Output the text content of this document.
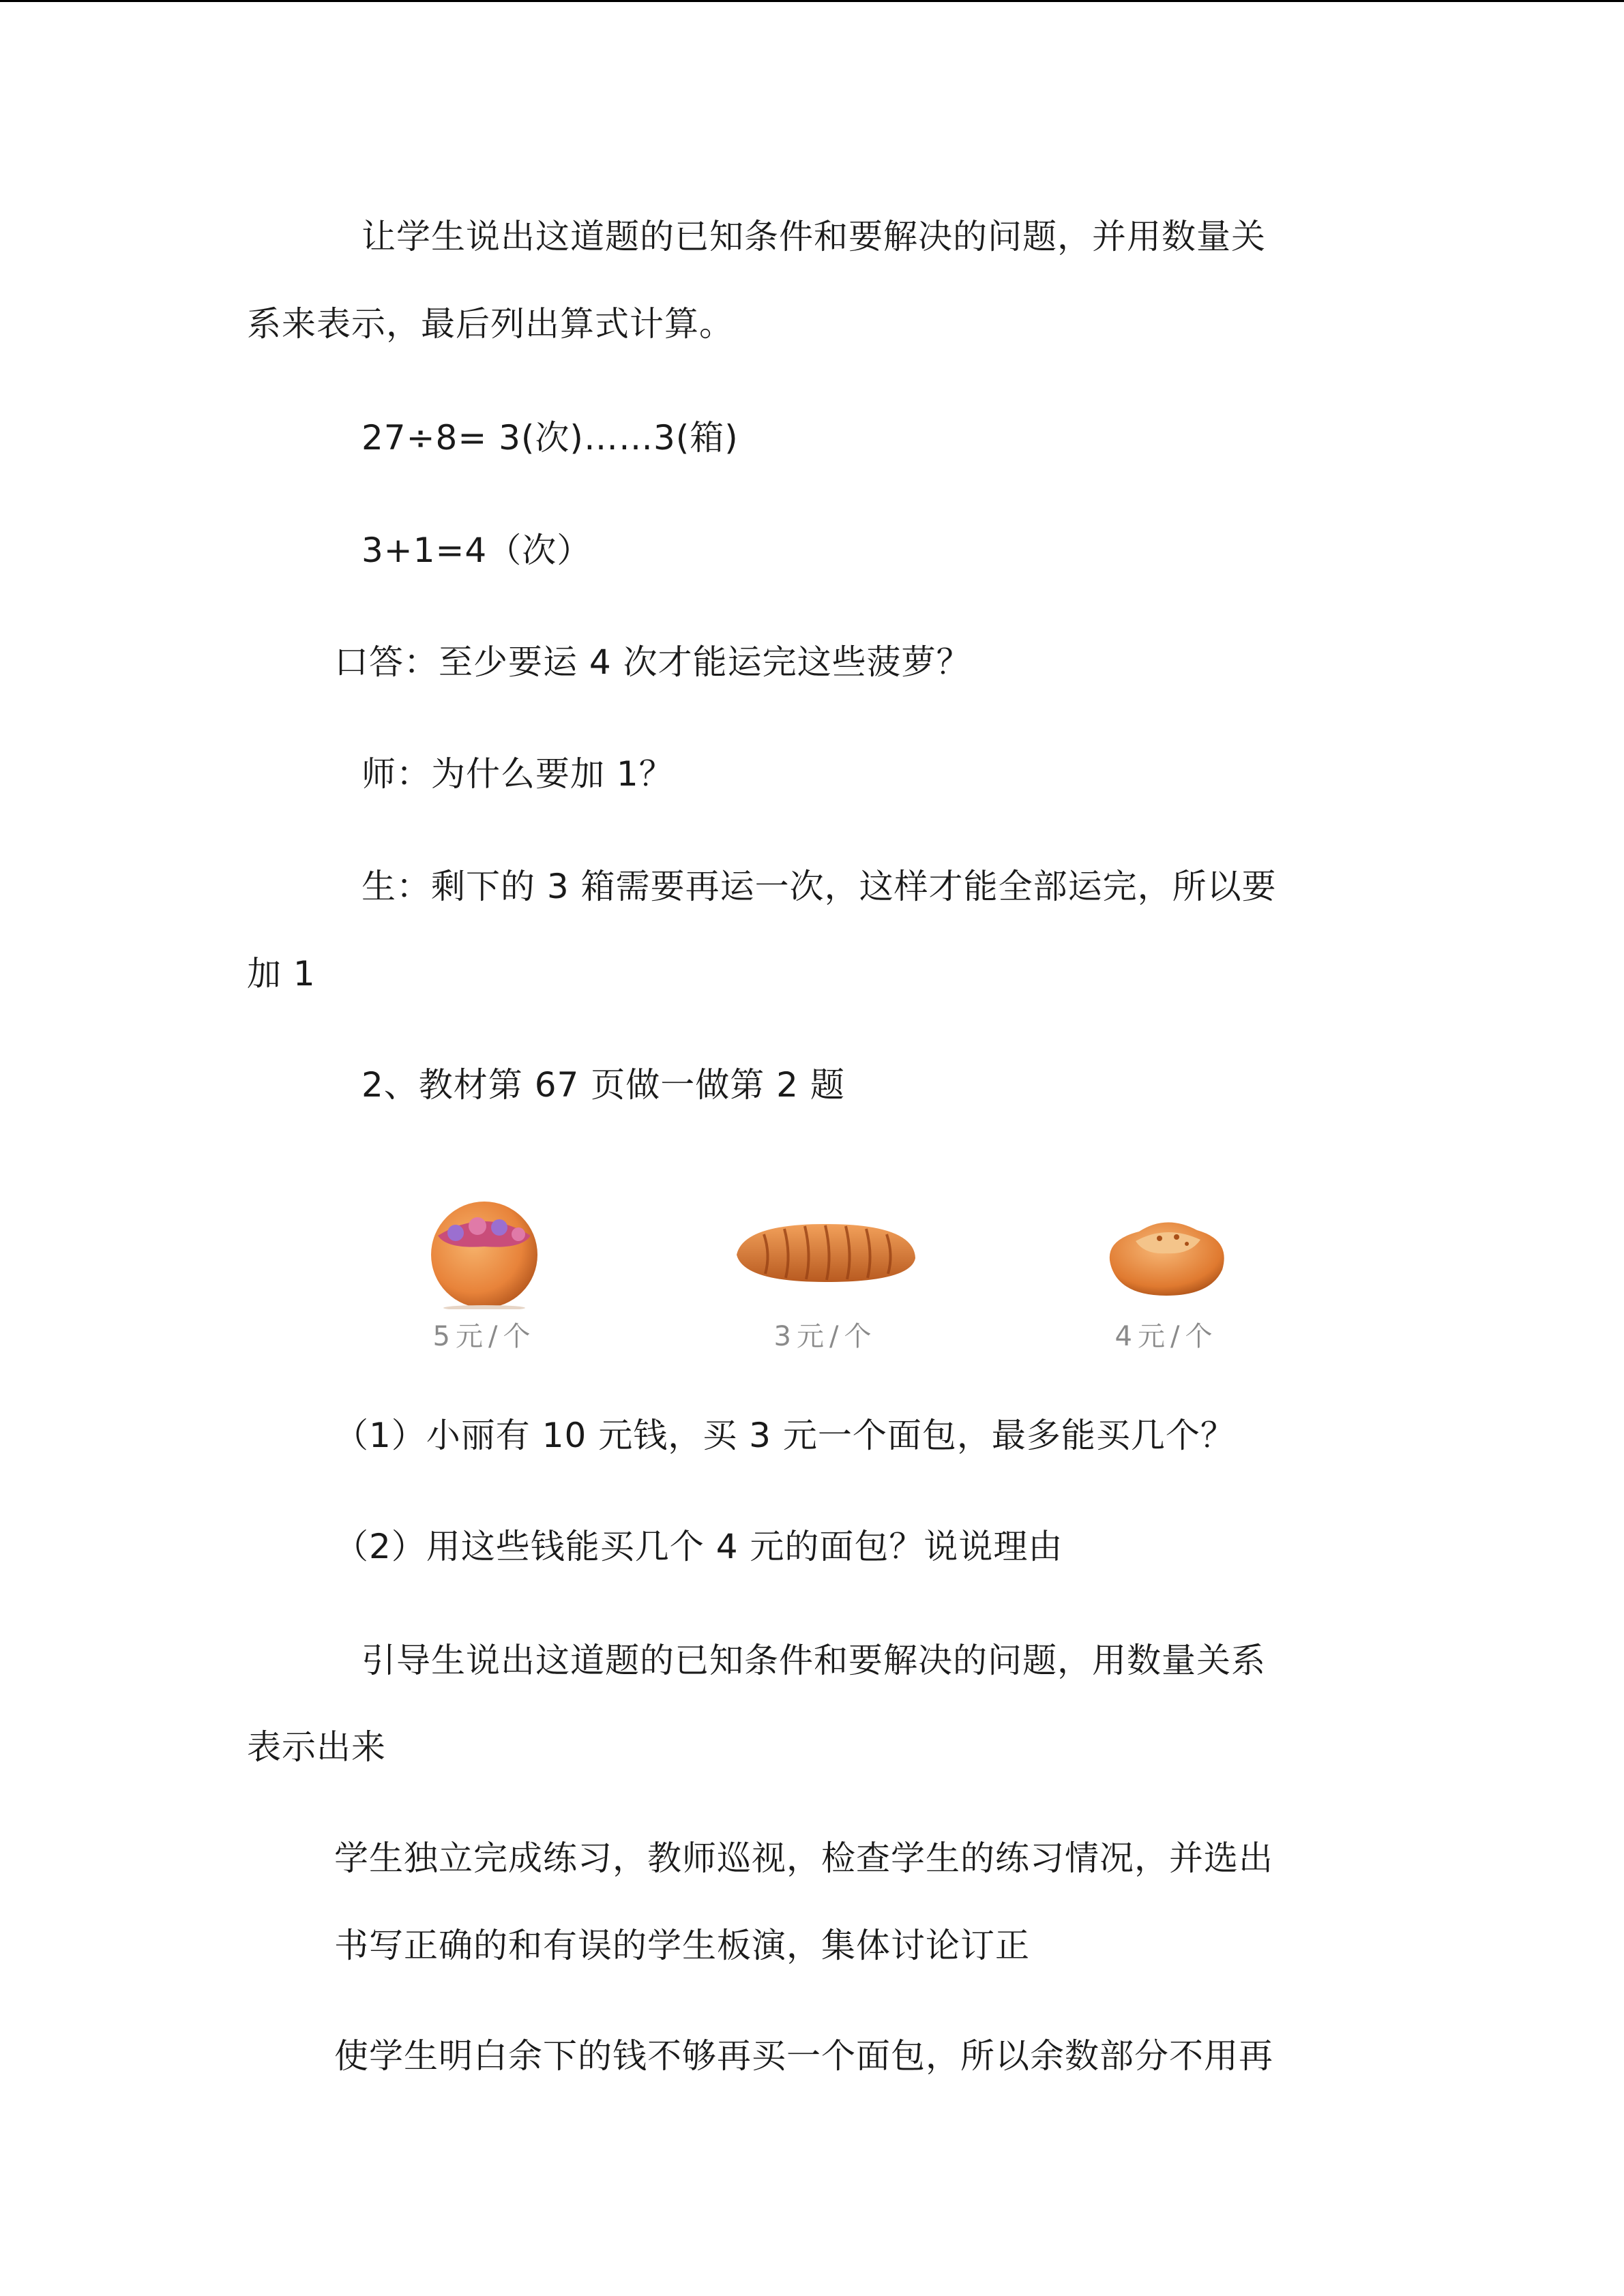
让学生说出这道题的已知条件和要解决的问题，并用数量关
系来表示，最后列出算式计算。
27÷8= 3(次)……3(箱)
3+1=4（次）
口答：至少要运 4 次才能运完这些菠萝？
师：为什么要加 1？
生：剩下的 3 箱需要再运一次，这样才能全部运完，所以要
加 1
2、教材第 67 页做一做第 2 题
5元/个	3元/个	4元/个
（1）小丽有 10 元钱，买 3 元一个面包，最多能买几个？
（2）用这些钱能买几个 4 元的面包？说说理由
引导生说出这道题的已知条件和要解决的问题，用数量关系
表示出来
学生独立完成练习，教师巡视，检查学生的练习情况，并选出
书写正确的和有误的学生板演，集体讨论订正
使学生明白余下的钱不够再买一个面包，所以余数部分不用再
